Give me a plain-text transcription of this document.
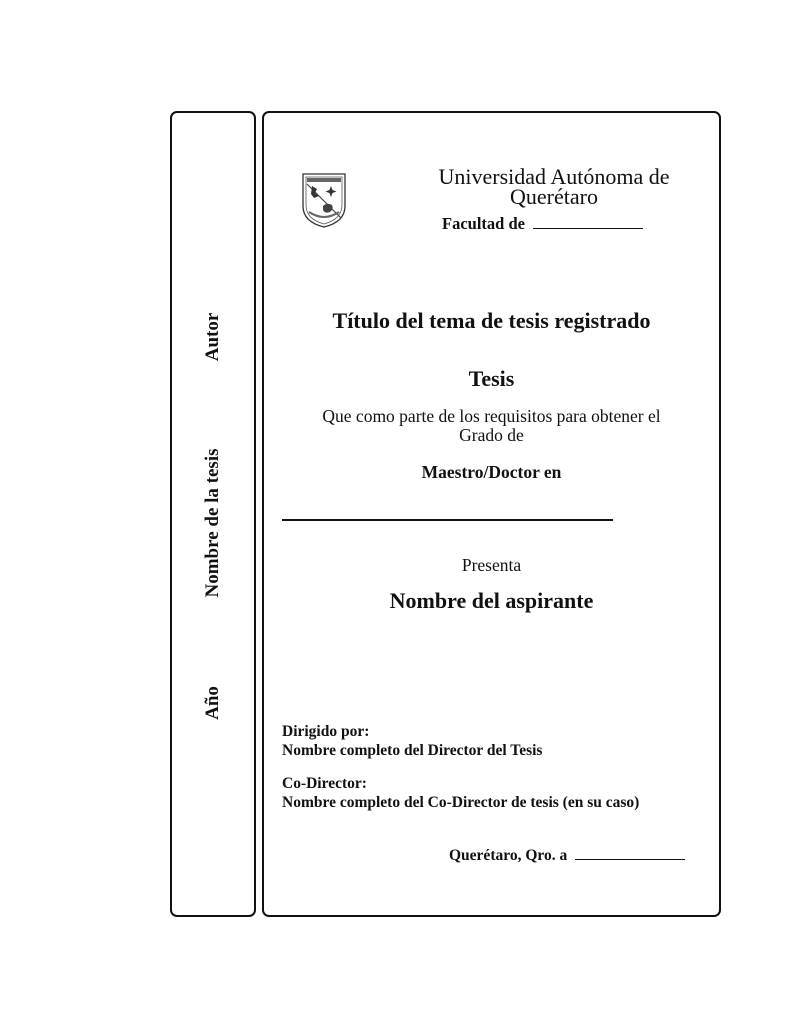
Autor
Nombre de la tesis
Año
Universidad Autónoma de
Querétaro
Facultad de
Título del tema de tesis registrado
Tesis
Que como parte de los requisitos para obtener el
Grado de
Maestro/Doctor en
Presenta
Nombre del aspirante
Dirigido por:
Nombre completo del Director del Tesis
Co-Director:
Nombre completo del Co-Director de tesis (en su caso)
Querétaro, Qro. a
